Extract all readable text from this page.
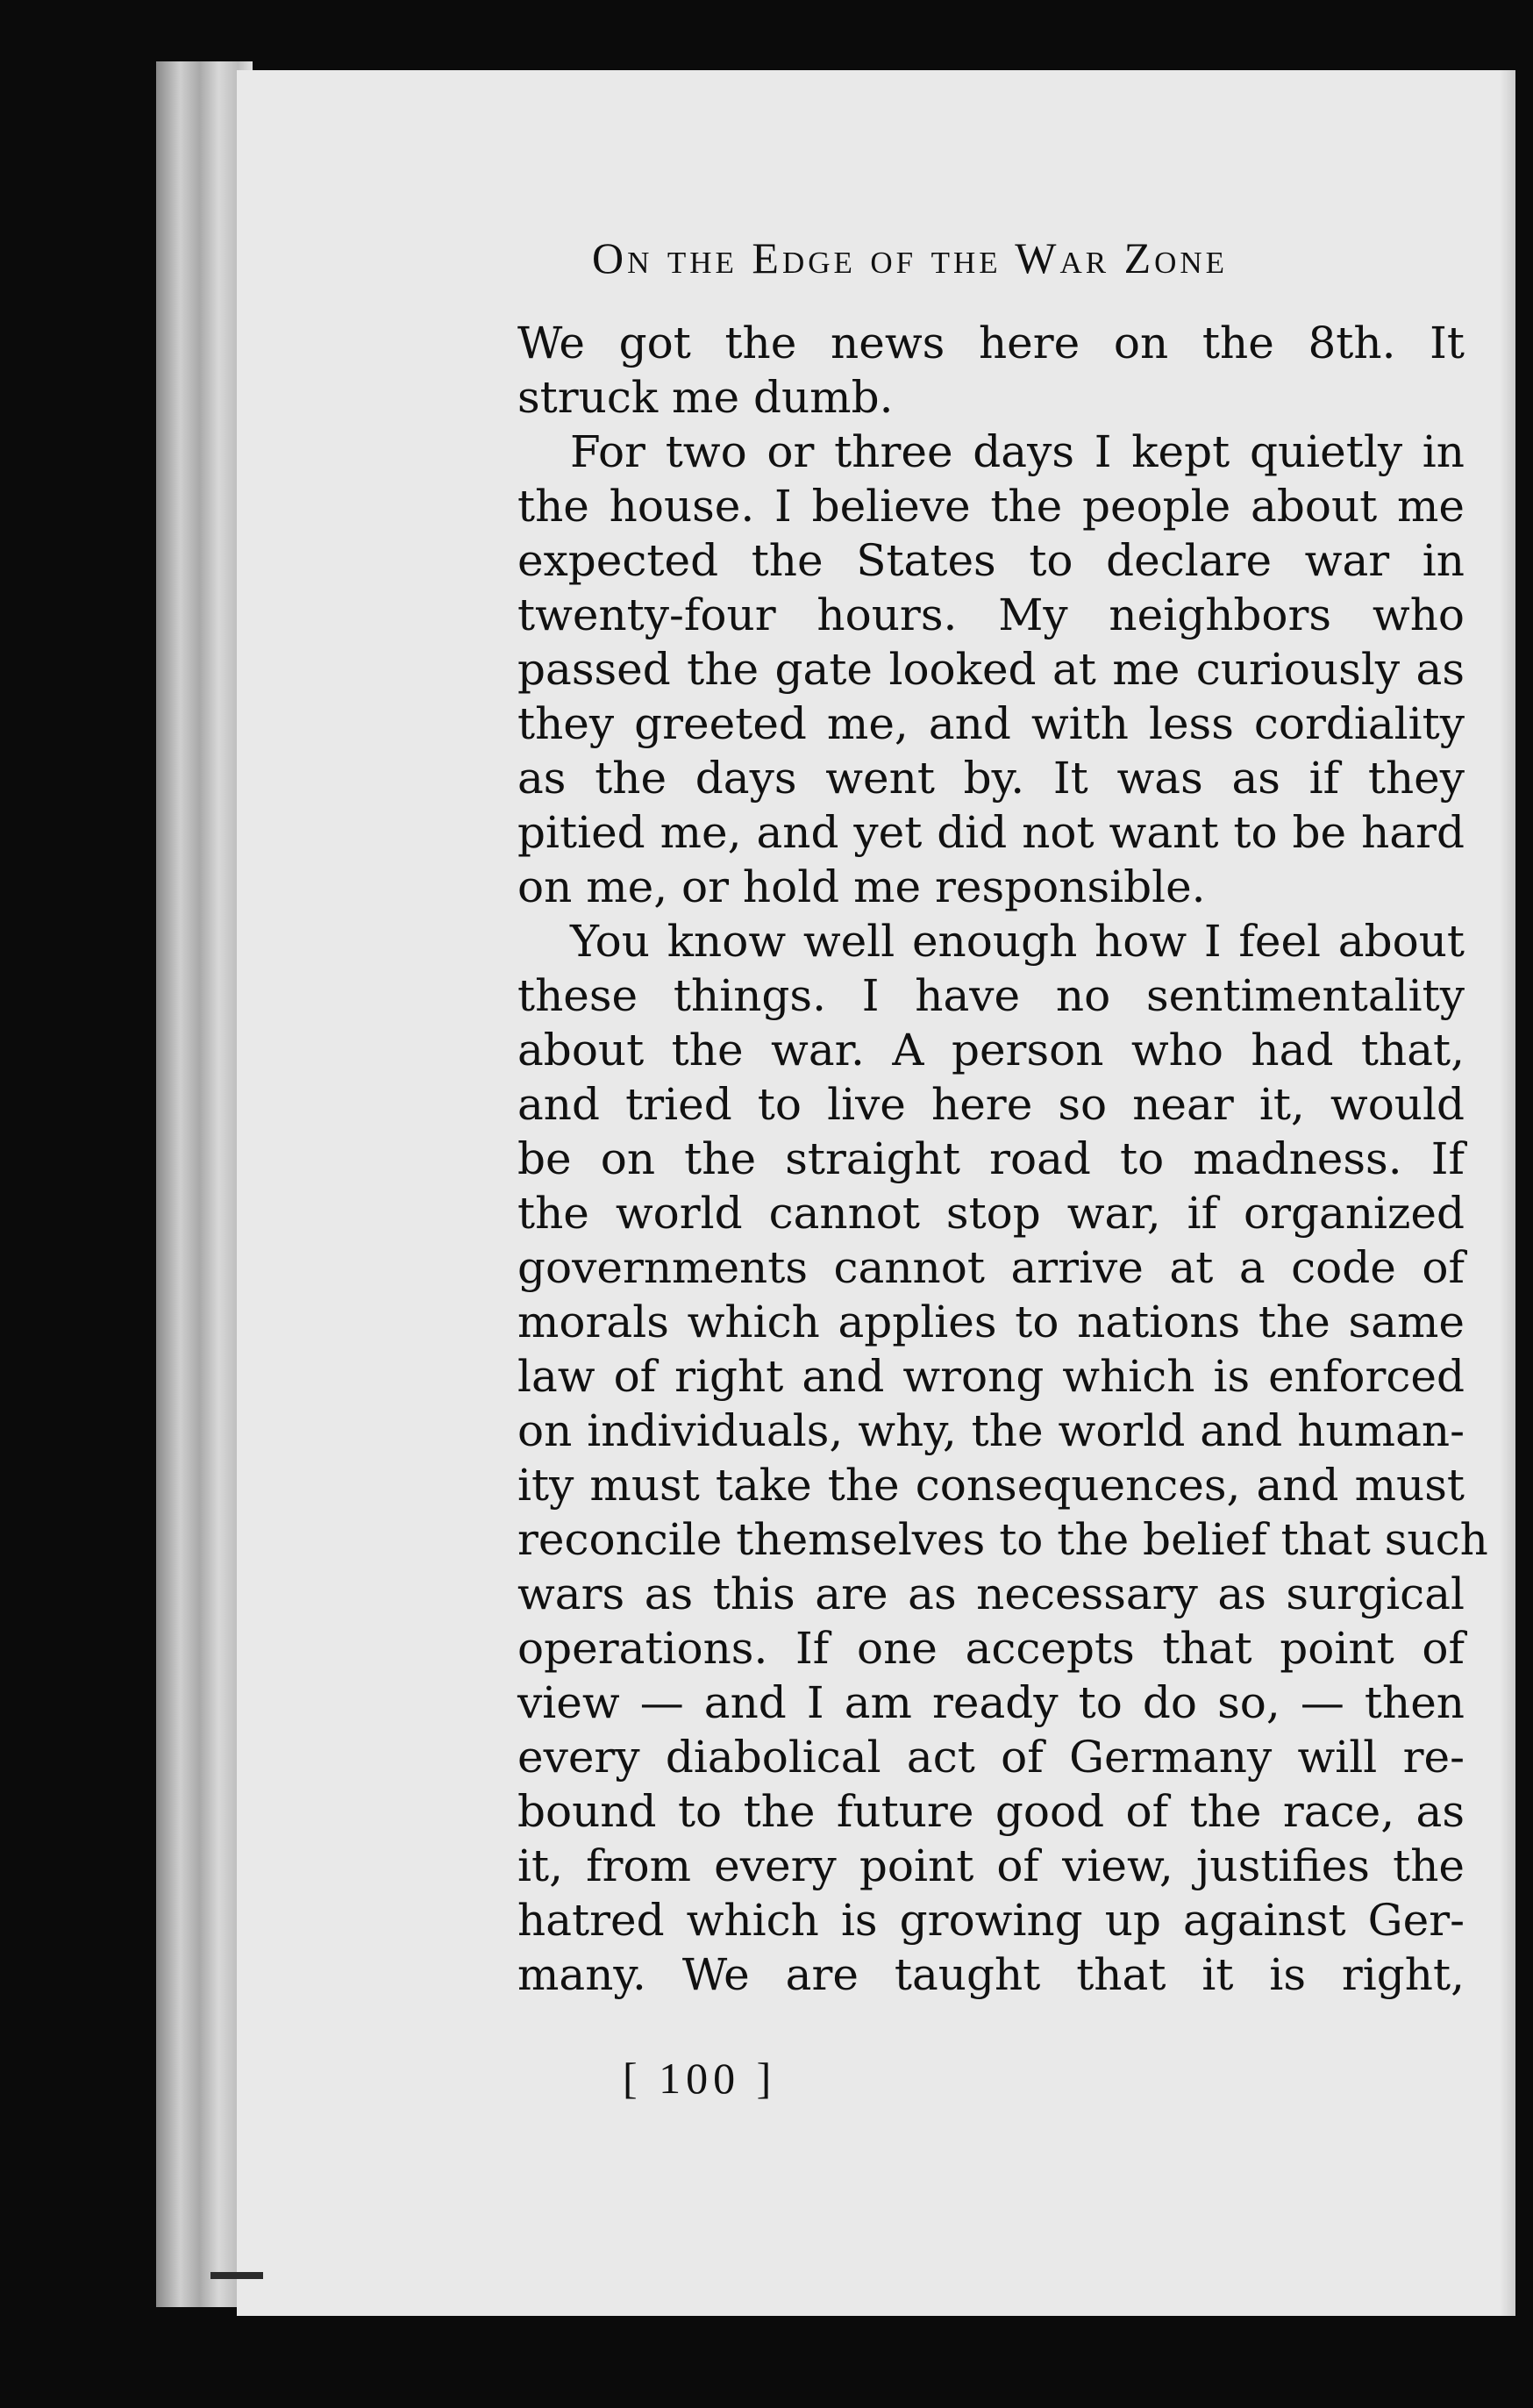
On the Edge of the War Zone
We got the news here on the 8th. It
struck me dumb.
For two or three days I kept quietly in
the house. I believe the people about me
expected the States to declare war in
twenty-four hours. My neighbors who
passed the gate looked at me curiously as
they greeted me, and with less cordiality
as the days went by. It was as if they
pitied me, and yet did not want to be hard
on me, or hold me responsible.
You know well enough how I feel about
these things. I have no sentimentality
about the war. A person who had that,
and tried to live here so near it, would
be on the straight road to madness. If
the world cannot stop war, if organized
governments cannot arrive at a code of
morals which applies to nations the same
law of right and wrong which is enforced
on individuals, why, the world and human-
ity must take the consequences, and must
reconcile themselves to the belief that such
wars as this are as necessary as surgical
operations. If one accepts that point of
view — and I am ready to do so, — then
every diabolical act of Germany will re-
bound to the future good of the race, as
it, from every point of view, justifies the
hatred which is growing up against Ger-
many. We are taught that it is right,
[ 100 ]
